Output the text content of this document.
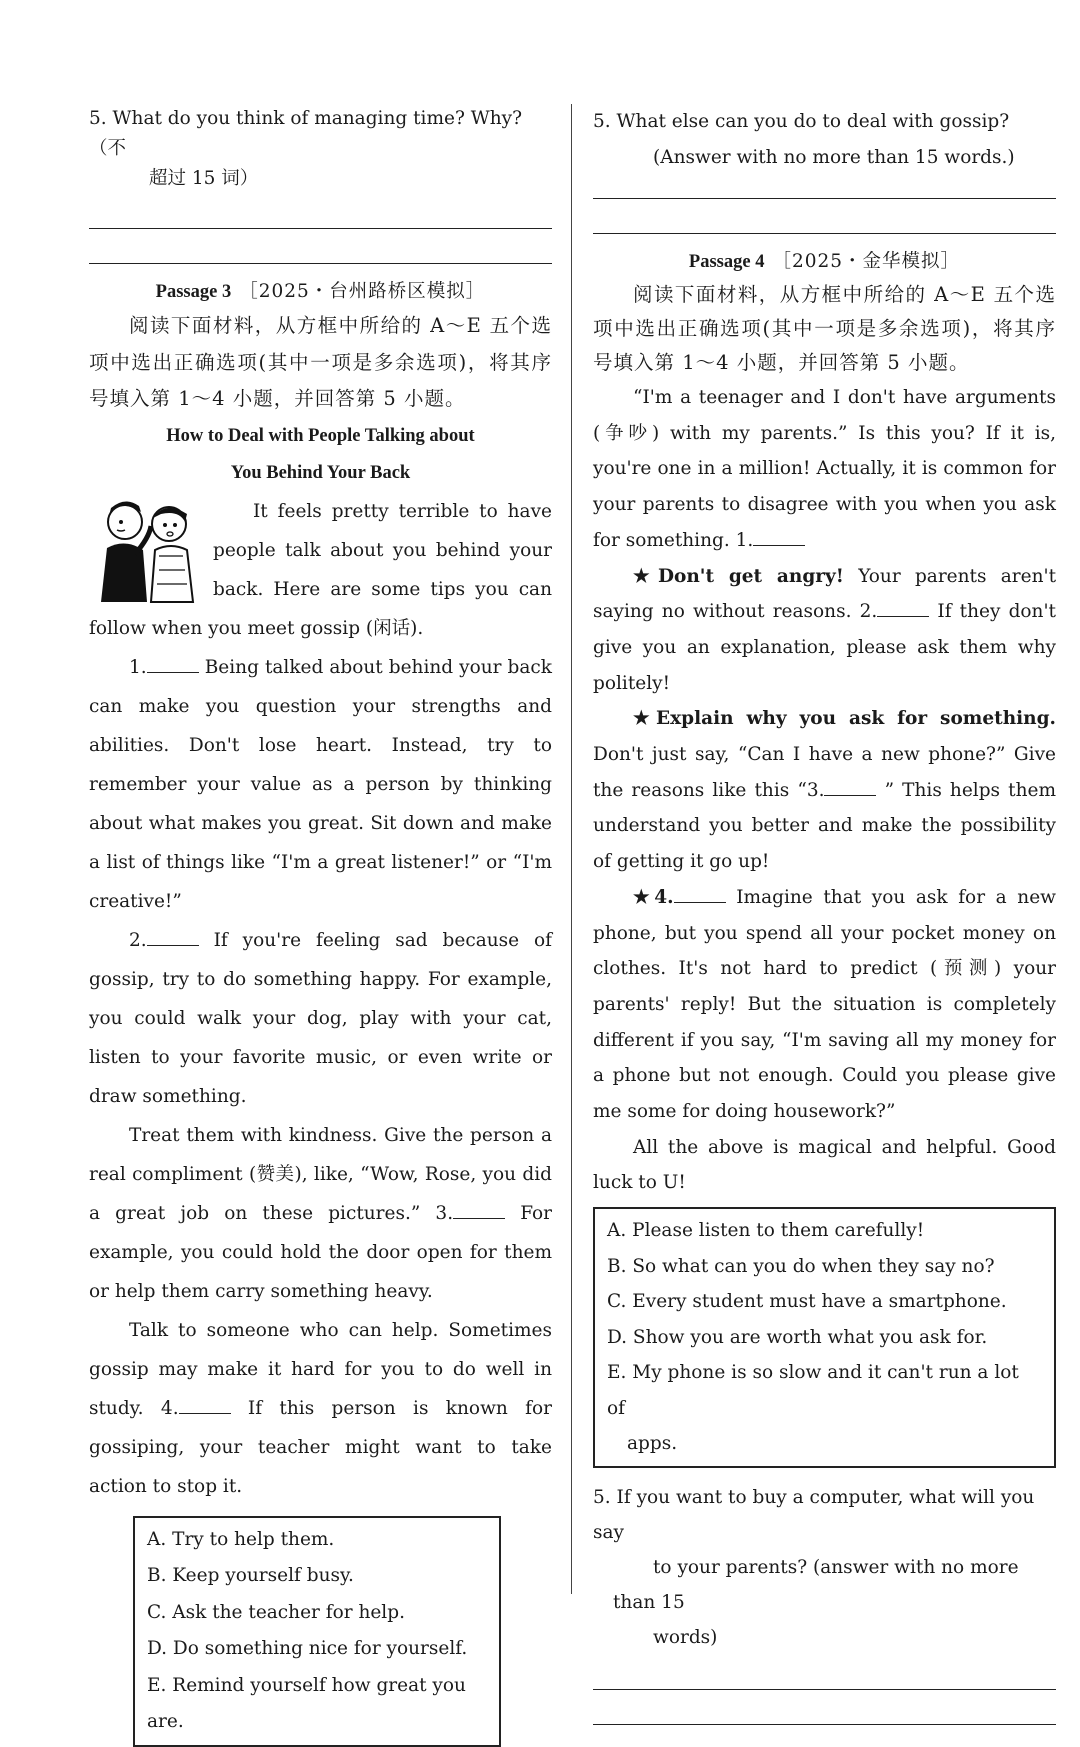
5. What do you think of managing time? Why?（不

超过 15 词）

Passage 3 ［2025・台州路桥区模拟］

阅读下面材料，从方框中所给的 A～E 五个选项中选出正确选项(其中一项是多余选项)，将其序号填入第 1～4 小题，并回答第 5 小题。

How to Deal with People Talking about
You Behind Your Back

It feels pretty terrible to have people talk about you behind your back. Here are some tips you can follow when you meet gossip (闲话).

1.	Being talked about behind your back can make you question your strengths and abilities. Don't lose heart. Instead, try to remember your value as a person by thinking about what makes you great. Sit down and make a list of things like “I'm a great listener!” or “I'm creative!”

2.	If you're feeling sad because of gossip, try to do something happy. For example, you could walk your dog, play with your cat, listen to your favorite music, or even write or draw something.

Treat them with kindness. Give the person a real compliment (赞美), like, “Wow, Rose, you did a great job on these pictures.” 3.	For example, you could hold the door open for them or help them carry something heavy.

Talk to someone who can help. Sometimes gossip may make it hard for you to do well in study. 4.	If this person is known for gossiping, your teacher might want to take action to stop it.

A. Try to help them.
B. Keep yourself busy.
C. Ask the teacher for help.
D. Do something nice for yourself.
E. Remind yourself how great you are.

5. What else can you do to deal with gossip?

(Answer with no more than 15 words.)

Passage 4 ［2025・金华模拟］

阅读下面材料，从方框中所给的 A～E 五个选项中选出正确选项(其中一项是多余选项)，将其序号填入第 1～4 小题，并回答第 5 小题。

“I'm a teenager and I don't have arguments (争吵) with my parents.” Is this you? If it is, you're one in a million! Actually, it is common for your parents to disagree with you when you ask for something. 1.

★Don't get angry! Your parents aren't saying no without reasons. 2.	If they don't give you an explanation, please ask them why politely!

★Explain why you ask for something. Don't just say, “Can I have a new phone?” Give the reasons like this “3.	” This helps them understand you better and make the possibility of getting it go up!

★4.	Imagine that you ask for a new phone, but you spend all your pocket money on clothes. It's not hard to predict (预测) your parents' reply! But the situation is completely different if you say, “I'm saving all my money for a phone but not enough. Could you please give me some for doing housework?”

All the above is magical and helpful. Good luck to U!

A. Please listen to them carefully!
B. So what can you do when they say no?
C. Every student must have a smartphone.
D. Show you are worth what you ask for.
E. My phone is so slow and it can't run a lot of
apps.

5. If you want to buy a computer, what will you say

to your parents? (answer with no more than 15

words)
